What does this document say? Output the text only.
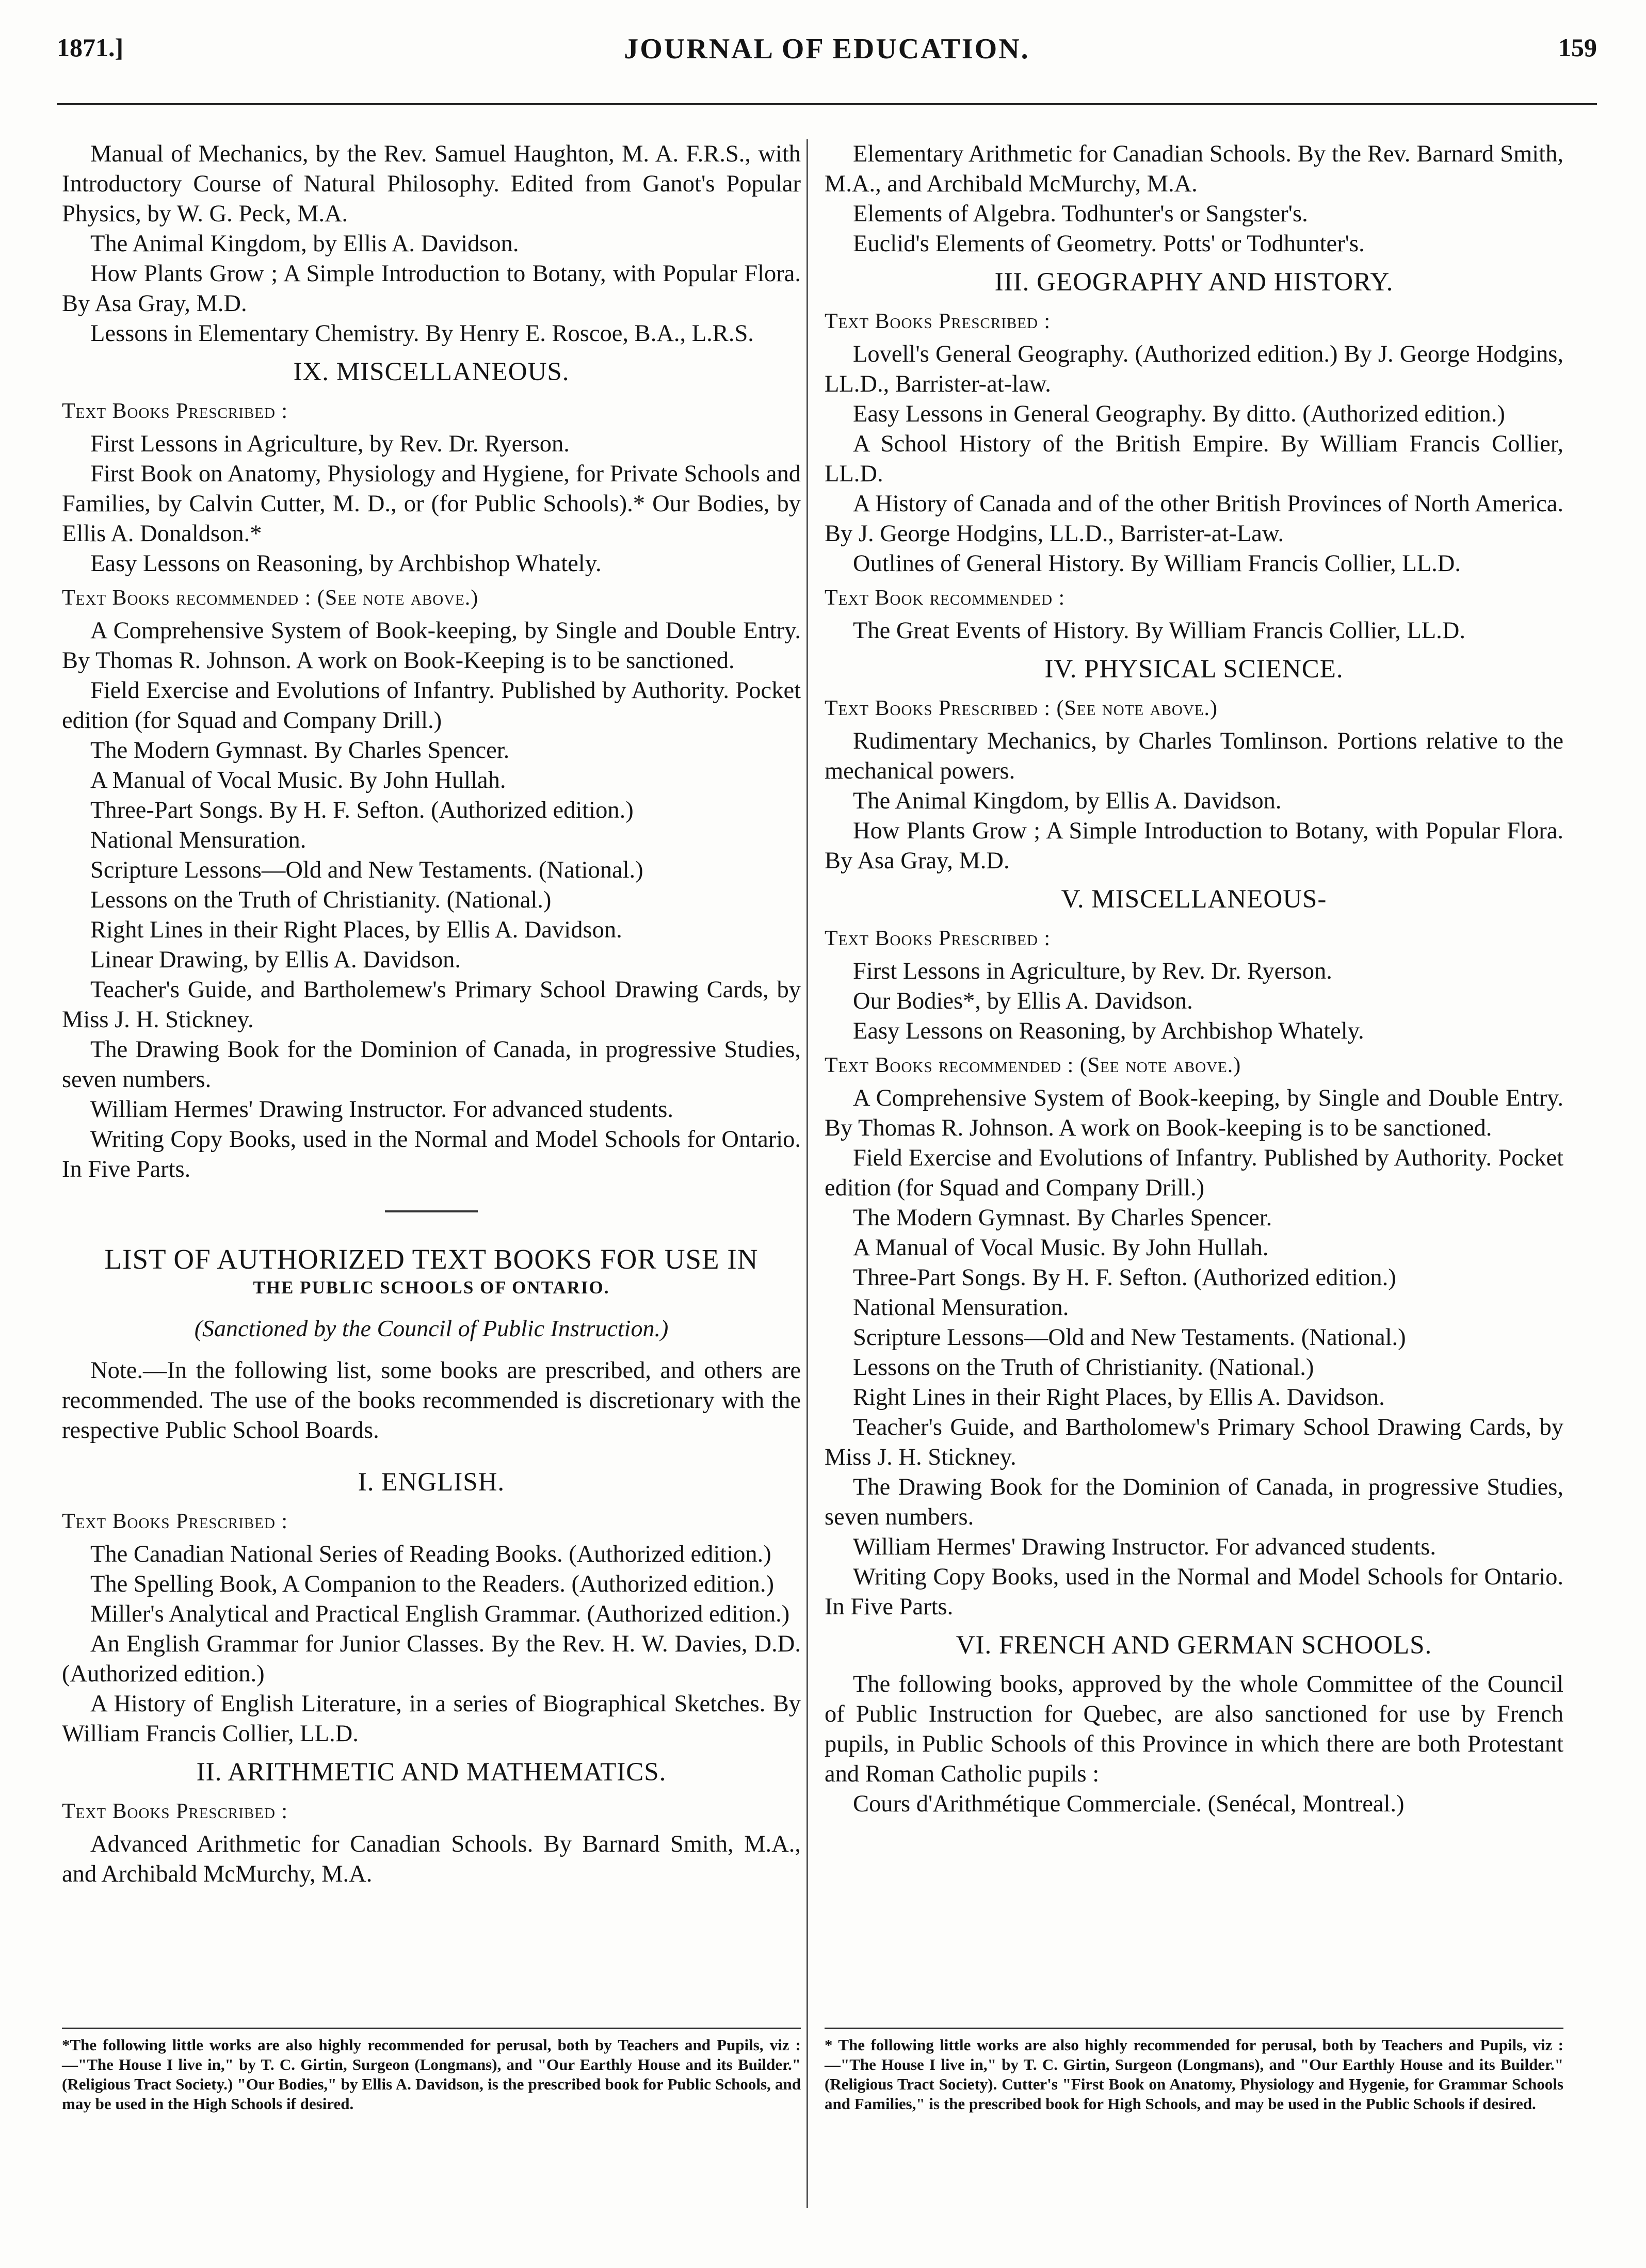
1871.]	JOURNAL OF EDUCATION.	159

Manual of Mechanics, by the Rev. Samuel Haughton, M. A. F.R.S., with Introductory Course of Natural Philosophy. Edited from Ganot's Popular Physics, by W. G. Peck, M.A.

The Animal Kingdom, by Ellis A. Davidson.

How Plants Grow ; A Simple Introduction to Botany, with Popular Flora. By Asa Gray, M.D.

Lessons in Elementary Chemistry. By Henry E. Roscoe, B.A., L.R.S.

IX. MISCELLANEOUS.
Text Books Prescribed :

First Lessons in Agriculture, by Rev. Dr. Ryerson.

First Book on Anatomy, Physiology and Hygiene, for Private Schools and Families, by Calvin Cutter, M. D., or (for Public Schools).* Our Bodies, by Ellis A. Donaldson.*

Easy Lessons on Reasoning, by Archbishop Whately.

Text Books recommended : (See note above.)

A Comprehensive System of Book-keeping, by Single and Double Entry. By Thomas R. Johnson. A work on Book-Keeping is to be sanctioned.

Field Exercise and Evolutions of Infantry. Published by Authority. Pocket edition (for Squad and Company Drill.)

The Modern Gymnast. By Charles Spencer.

A Manual of Vocal Music. By John Hullah.

Three-Part Songs. By H. F. Sefton. (Authorized edition.)

National Mensuration.

Scripture Lessons—Old and New Testaments. (National.)

Lessons on the Truth of Christianity. (National.)

Right Lines in their Right Places, by Ellis A. Davidson.

Linear Drawing, by Ellis A. Davidson.

Teacher's Guide, and Bartholemew's Primary School Drawing Cards, by Miss J. H. Stickney.

The Drawing Book for the Dominion of Canada, in progressive Studies, seven numbers.

William Hermes' Drawing Instructor. For advanced students.

Writing Copy Books, used in the Normal and Model Schools for Ontario. In Five Parts.

LIST OF AUTHORIZED TEXT BOOKS FOR USE IN
THE PUBLIC SCHOOLS OF ONTARIO.
(Sanctioned by the Council of Public Instruction.)

Note.—In the following list, some books are prescribed, and others are recommended. The use of the books recommended is discretionary with the respective Public School Boards.

I. ENGLISH.
Text Books Prescribed :

The Canadian National Series of Reading Books. (Authorized edition.)

The Spelling Book, A Companion to the Readers. (Authorized edition.)

Miller's Analytical and Practical English Grammar. (Authorized edition.)

An English Grammar for Junior Classes. By the Rev. H. W. Davies, D.D. (Authorized edition.)

A History of English Literature, in a series of Biographical Sketches. By William Francis Collier, LL.D.

II. ARITHMETIC AND MATHEMATICS.
Text Books Prescribed :

Advanced Arithmetic for Canadian Schools. By Barnard Smith, M.A., and Archibald McMurchy, M.A.

Elementary Arithmetic for Canadian Schools. By the Rev. Barnard Smith, M.A., and Archibald McMurchy, M.A.

Elements of Algebra. Todhunter's or Sangster's.

Euclid's Elements of Geometry. Potts' or Todhunter's.

III. GEOGRAPHY AND HISTORY.
Text Books Prescribed :

Lovell's General Geography. (Authorized edition.) By J. George Hodgins, LL.D., Barrister-at-law.

Easy Lessons in General Geography. By ditto. (Authorized edition.)

A School History of the British Empire. By William Francis Collier, LL.D.

A History of Canada and of the other British Provinces of North America. By J. George Hodgins, LL.D., Barrister-at-Law.

Outlines of General History. By William Francis Collier, LL.D.

Text Book recommended :

The Great Events of History. By William Francis Collier, LL.D.

IV. PHYSICAL SCIENCE.
Text Books Prescribed : (See note above.)

Rudimentary Mechanics, by Charles Tomlinson. Portions relative to the mechanical powers.

The Animal Kingdom, by Ellis A. Davidson.

How Plants Grow ; A Simple Introduction to Botany, with Popular Flora. By Asa Gray, M.D.

V. MISCELLANEOUS-
Text Books Prescribed :

First Lessons in Agriculture, by Rev. Dr. Ryerson.

Our Bodies*, by Ellis A. Davidson.

Easy Lessons on Reasoning, by Archbishop Whately.

Text Books recommended : (See note above.)

A Comprehensive System of Book-keeping, by Single and Double Entry. By Thomas R. Johnson. A work on Book-keeping is to be sanctioned.

Field Exercise and Evolutions of Infantry. Published by Authority. Pocket edition (for Squad and Company Drill.)

The Modern Gymnast. By Charles Spencer.

A Manual of Vocal Music. By John Hullah.

Three-Part Songs. By H. F. Sefton. (Authorized edition.)

National Mensuration.

Scripture Lessons—Old and New Testaments. (National.)

Lessons on the Truth of Christianity. (National.)

Right Lines in their Right Places, by Ellis A. Davidson.

Teacher's Guide, and Bartholomew's Primary School Drawing Cards, by Miss J. H. Stickney.

The Drawing Book for the Dominion of Canada, in progressive Studies, seven numbers.

William Hermes' Drawing Instructor. For advanced students.

Writing Copy Books, used in the Normal and Model Schools for Ontario. In Five Parts.

VI. FRENCH AND GERMAN SCHOOLS.

The following books, approved by the whole Committee of the Council of Public Instruction for Quebec, are also sanctioned for use by French pupils, in Public Schools of this Province in which there are both Protestant and Roman Catholic pupils :

Cours d'Arithmétique Commerciale. (Senécal, Montreal.)

*The following little works are also highly recommended for perusal, both by Teachers and Pupils, viz :—"The House I live in," by T. C. Girtin, Surgeon (Longmans), and "Our Earthly House and its Builder." (Religious Tract Society.) "Our Bodies," by Ellis A. Davidson, is the prescribed book for Public Schools, and may be used in the High Schools if desired.
* The following little works are also highly recommended for perusal, both by Teachers and Pupils, viz :—"The House I live in," by T. C. Girtin, Surgeon (Longmans), and "Our Earthly House and its Builder." (Religious Tract Society). Cutter's "First Book on Anatomy, Physiology and Hygenie, for Grammar Schools and Families," is the prescribed book for High Schools, and may be used in the Public Schools if desired.
